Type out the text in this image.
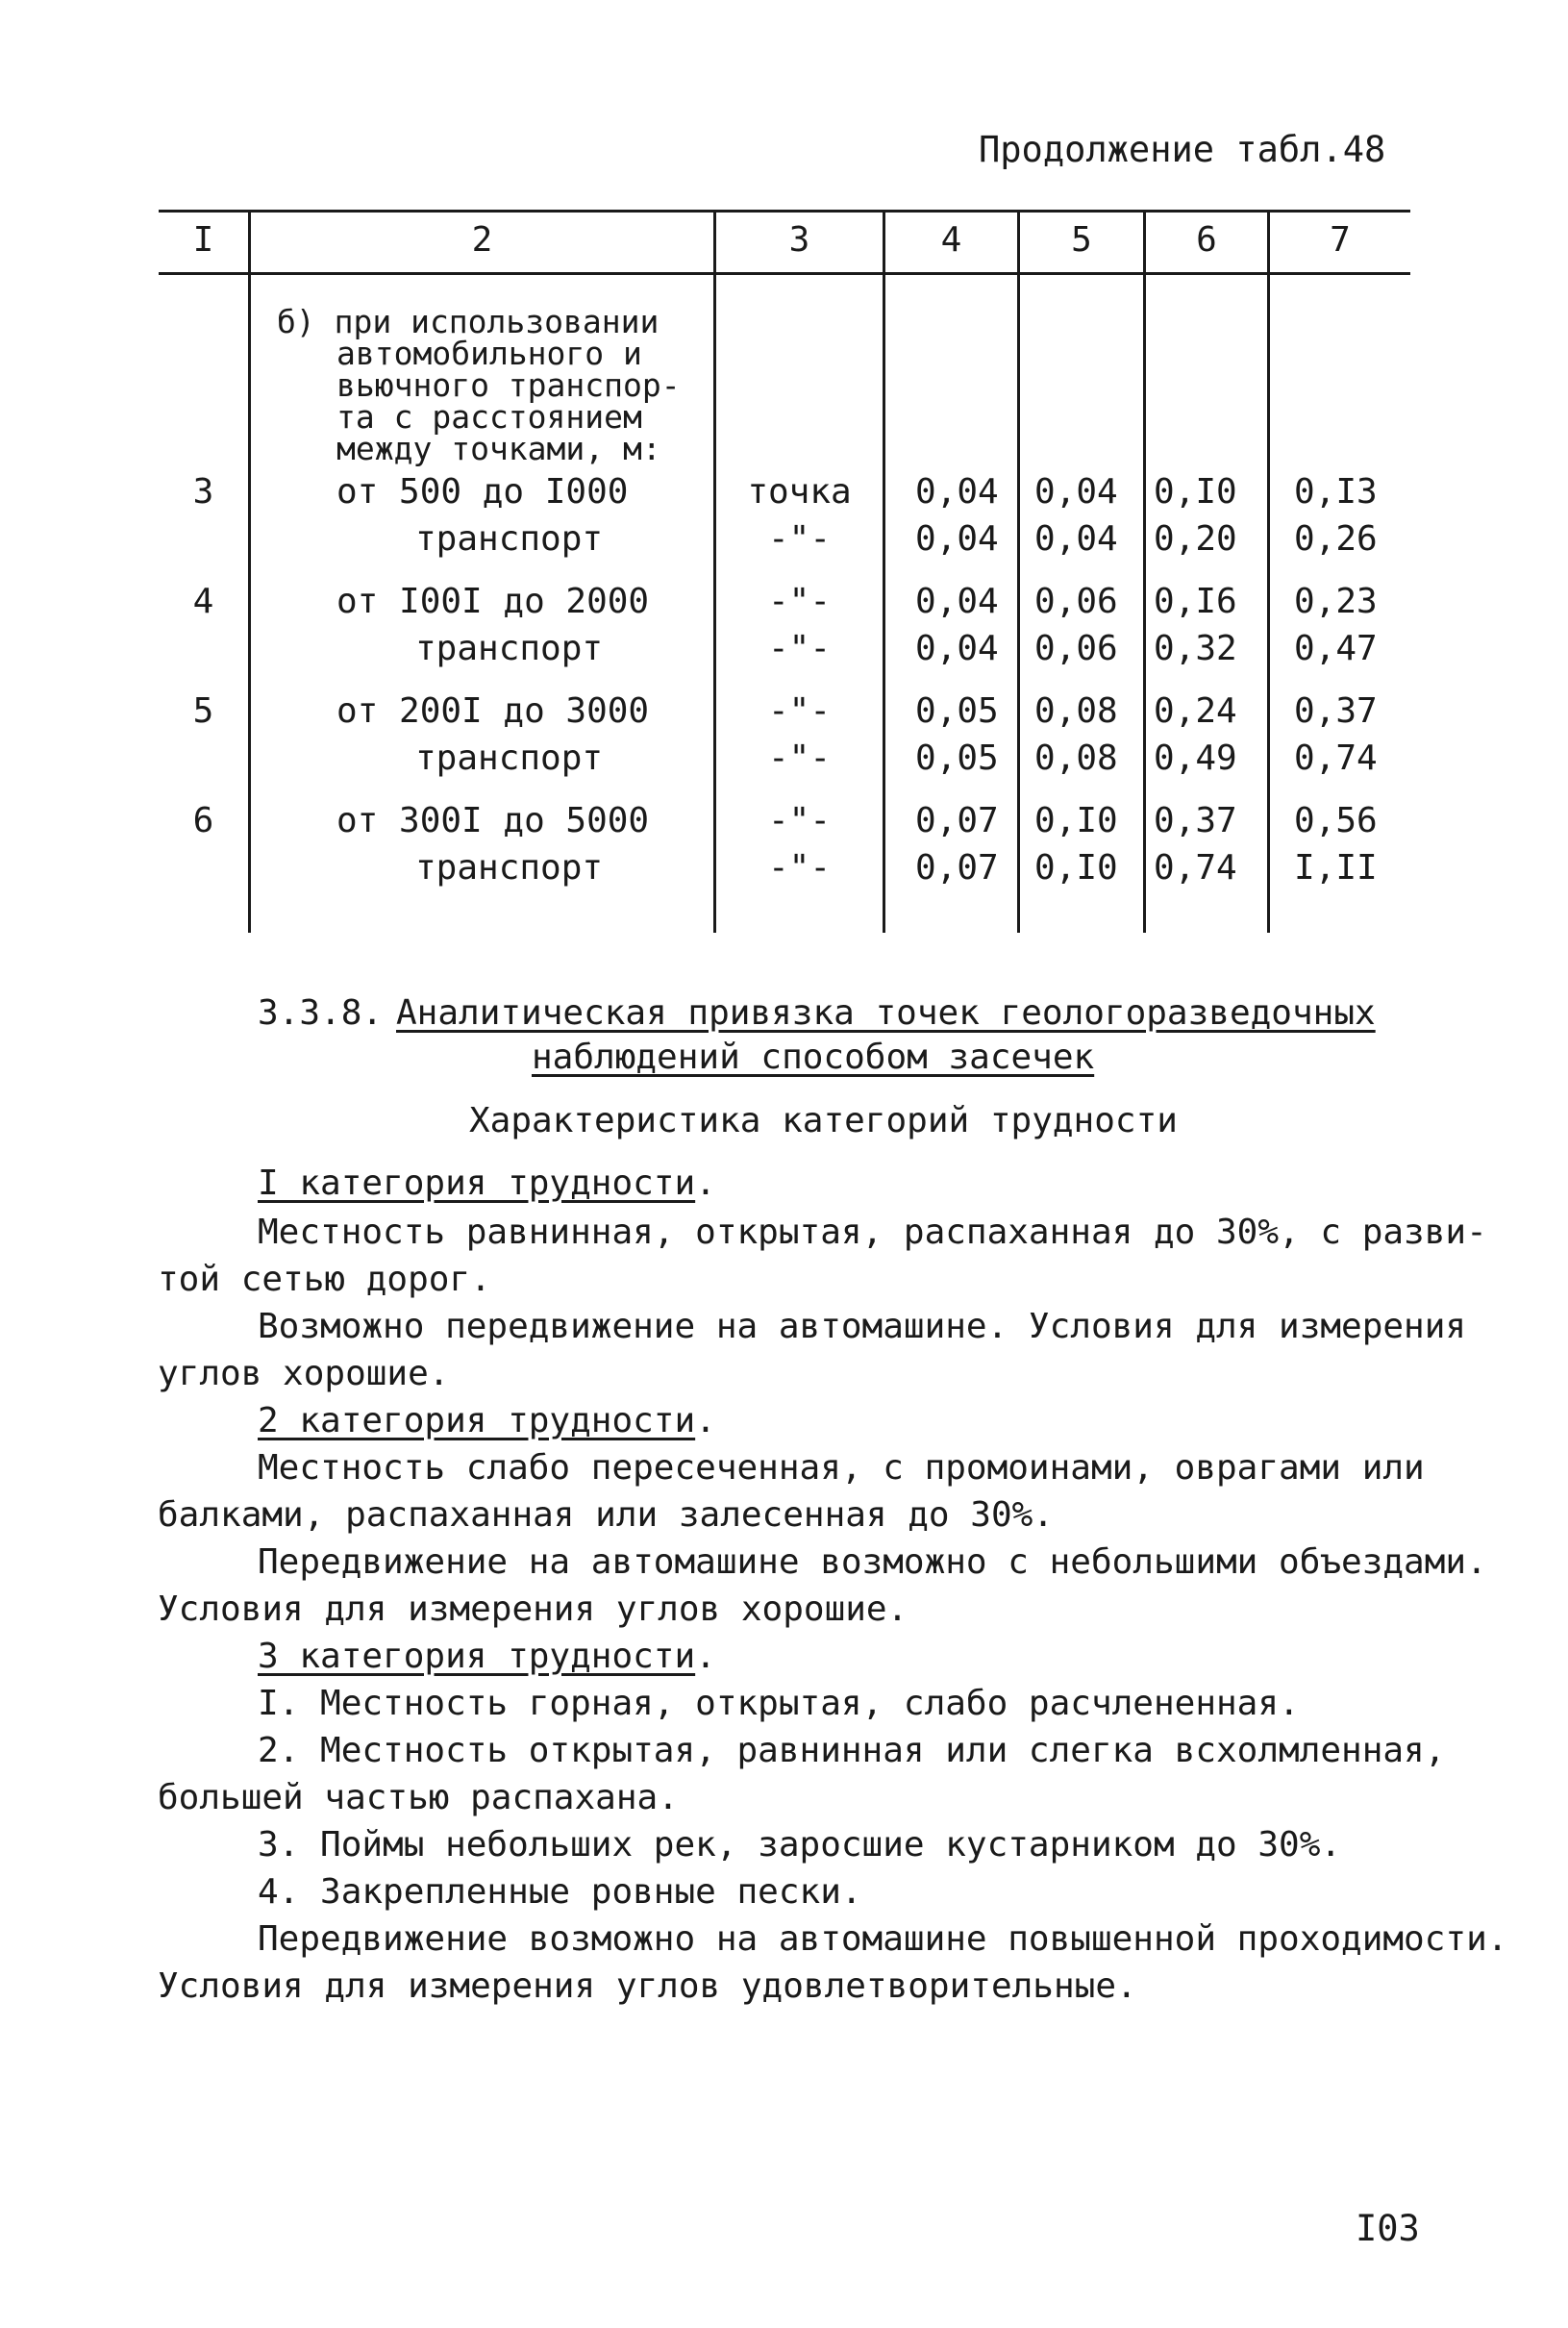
Продолжение табл.48
I	2	3	4	5	6	7
б) при использовании
автомобильного и
вьючного транспор-
та с расстоянием
между точками, м:
3	от 500 до I000	точка	0,04 0,04 0,I0 0,I3
транспорт	-"-	0,04 0,04 0,20 0,26
4	от I00I до 2000	-"-	0,04 0,06 0,I6 0,23
транспорт	-"-	0,04 0,06 0,32 0,47
5	от 200I до 3000	-"-	0,05 0,08 0,24 0,37
транспорт	-"-	0,05 0,08 0,49 0,74
6	от 300I до 5000	-"-	0,07 0,I0 0,37 0,56
транспорт	-"-	0,07 0,I0 0,74 I,II
3.3.8. Аналитическая привязка точек геологоразведочных
наблюдений способом засечек
Характеристика категорий трудности
I категория трудности.
Местность равнинная, открытая, распаханная до 30%, с разви-
той сетью дорог.
Возможно передвижение на автомашине. Условия для измерения
углов хорошие.
2 категория трудности.
Местность слабо пересеченная, с промоинами, оврагами или
балками, распаханная или залесенная до 30%.
Передвижение на автомашине возможно с небольшими объездами.
Условия для измерения углов хорошие.
3 категория трудности.
I. Местность горная, открытая, слабо расчлененная.
2. Местность открытая, равнинная или слегка всхолмленная,
большей частью распахана.
3. Поймы небольших рек, заросшие кустарником до 30%.
4. Закрепленные ровные пески.
Передвижение возможно на автомашине повышенной проходимости.
Условия для измерения углов удовлетворительные.
I03
